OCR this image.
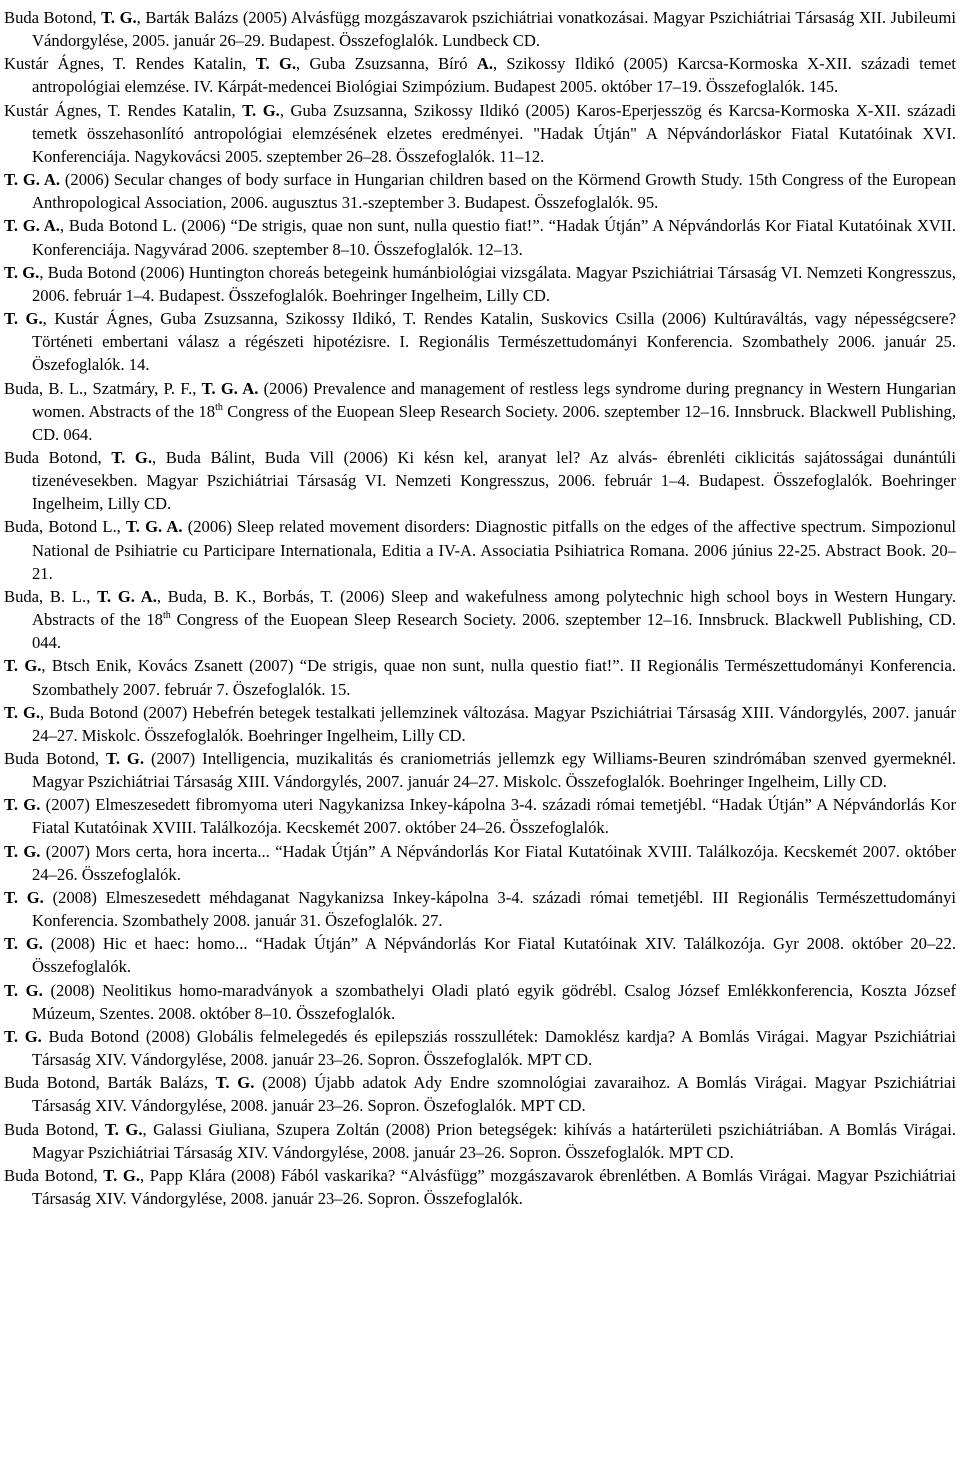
Buda Botond, T. G., Barták Balázs (2005) Alvásfügg mozgászavarok pszichiátriai vonatkozásai. Magyar Pszichiátriai Társaság XII. Jubileumi Vándorgylése, 2005. január 26–29. Budapest. Összefoglalók. Lundbeck CD.

Kustár Ágnes, T. Rendes Katalin, T. G., Guba Zsuzsanna, Bíró A., Szikossy Ildikó (2005) Karcsa-Kormoska X-XII. századi temet antropológiai elemzése. IV. Kárpát-medencei Biológiai Szimpózium. Budapest 2005. október 17–19. Összefoglalók. 145.

Kustár Ágnes, T. Rendes Katalin, T. G., Guba Zsuzsanna, Szikossy Ildikó (2005) Karos-Eperjesszög és Karcsa-Kormoska X-XII. századi temetk összehasonlító antropológiai elemzésének elzetes eredményei. "Hadak Útján" A Népvándorláskor Fiatal Kutatóinak XVI. Konferenciája. Nagykovácsi 2005. szeptember 26–28. Összefoglalók. 11–12.

T. G. A. (2006) Secular changes of body surface in Hungarian children based on the Körmend Growth Study. 15th Congress of the European Anthropological Association, 2006. augusztus 31.-szeptember 3. Budapest. Összefoglalók. 95.

T. G. A., Buda Botond L. (2006) “De strigis, quae non sunt, nulla questio fiat!”. “Hadak Útján” A Népvándorlás Kor Fiatal Kutatóinak XVII. Konferenciája. Nagyvárad 2006. szeptember 8–10. Összefoglalók. 12–13.

T. G., Buda Botond (2006) Huntington choreás betegeink humánbiológiai vizsgálata. Magyar Pszichiátriai Társaság VI. Nemzeti Kongresszus, 2006. február 1–4. Budapest. Összefoglalók. Boehringer Ingelheim, Lilly CD.

T. G., Kustár Ágnes, Guba Zsuzsanna, Szikossy Ildikó, T. Rendes Katalin, Suskovics Csilla (2006) Kultúraváltás, vagy népességcsere? Történeti embertani válasz a régészeti hipotézisre. I. Regionális Természettudományi Konferencia. Szombathely 2006. január 25. Öszefoglalók. 14.

Buda, B. L., Szatmáry, P. F., T. G. A. (2006) Prevalence and management of restless legs syndrome during pregnancy in Western Hungarian women. Abstracts of the 18th Congress of the Euopean Sleep Research Society. 2006. szeptember 12–16. Innsbruck. Blackwell Publishing, CD. 064.

Buda Botond, T. G., Buda Bálint, Buda Vill (2006) Ki késn kel, aranyat lel? Az alvás- ébrenléti ciklicitás sajátosságai dunántúli tizenévesekben. Magyar Pszichiátriai Társaság VI. Nemzeti Kongresszus, 2006. február 1–4. Budapest. Összefoglalók. Boehringer Ingelheim, Lilly CD.

Buda, Botond L., T. G. A. (2006) Sleep related movement disorders: Diagnostic pitfalls on the edges of the affective spectrum. Simpozionul National de Psihiatrie cu Participare Internationala, Editia a IV-A. Associatia Psihiatrica Romana. 2006 június 22-25. Abstract Book. 20–21.

Buda, B. L., T. G. A., Buda, B. K., Borbás, T. (2006) Sleep and wakefulness among polytechnic high school boys in Western Hungary. Abstracts of the 18th Congress of the Euopean Sleep Research Society. 2006. szeptember 12–16. Innsbruck. Blackwell Publishing, CD. 044.

T. G., Btsch Enik, Kovács Zsanett (2007) “De strigis, quae non sunt, nulla questio fiat!”. II Regionális Természettudományi Konferencia. Szombathely 2007. február 7. Öszefoglalók. 15.

T. G., Buda Botond (2007) Hebefrén betegek testalkati jellemzinek változása. Magyar Pszichiátriai Társaság XIII. Vándorgylés, 2007. január 24–27. Miskolc. Összefoglalók. Boehringer Ingelheim, Lilly CD.

Buda Botond, T. G. (2007) Intelligencia, muzikalitás és craniometriás jellemzk egy Williams-Beuren szindrómában szenved gyermeknél. Magyar Pszichiátriai Társaság XIII. Vándorgylés, 2007. január 24–27. Miskolc. Összefoglalók. Boehringer Ingelheim, Lilly CD.

T. G. (2007) Elmeszesedett fibromyoma uteri Nagykanizsa Inkey-kápolna 3-4. századi római temetjébl. “Hadak Útján” A Népvándorlás Kor Fiatal Kutatóinak XVIII. Találkozója. Kecskemét 2007. október 24–26. Összefoglalók.

T. G. (2007) Mors certa, hora incerta... “Hadak Útján” A Népvándorlás Kor Fiatal Kutatóinak XVIII. Találkozója. Kecskemét 2007. október 24–26. Összefoglalók.

T. G. (2008) Elmeszesedett méhdaganat Nagykanizsa Inkey-kápolna 3-4. századi római temetjébl. III Regionális Természettudományi Konferencia. Szombathely 2008. január 31. Öszefoglalók. 27.

T. G. (2008) Hic et haec: homo... “Hadak Útján” A Népvándorlás Kor Fiatal Kutatóinak XIV. Találkozója. Gyr 2008. október 20–22. Összefoglalók.

T. G. (2008) Neolitikus homo-maradványok a szombathelyi Oladi plató egyik gödrébl. Csalog József Emlékkonferencia, Koszta József Múzeum, Szentes. 2008. október 8–10. Összefoglalók.

T. G. Buda Botond (2008) Globális felmelegedés és epilepsziás rosszullétek: Damoklész kardja? A Bomlás Virágai. Magyar Pszichiátriai Társaság XIV. Vándorgylése, 2008. január 23–26. Sopron. Összefoglalók. MPT CD.

Buda Botond, Barták Balázs, T. G. (2008) Újabb adatok Ady Endre szomnológiai zavaraihoz. A Bomlás Virágai. Magyar Pszichiátriai Társaság XIV. Vándorgylése, 2008. január 23–26. Sopron. Öszefoglalók. MPT CD.

Buda Botond, T. G., Galassi Giuliana, Szupera Zoltán (2008) Prion betegségek: kihívás a határterületi pszichiátriában. A Bomlás Virágai. Magyar Pszichiátriai Társaság XIV. Vándorgylése, 2008. január 23–26. Sopron. Összefoglalók. MPT CD.

Buda Botond, T. G., Papp Klára (2008) Fából vaskarika? “Alvásfügg” mozgászavarok ébrenlétben. A Bomlás Virágai. Magyar Pszichiátriai Társaság XIV. Vándorgylése, 2008. január 23–26. Sopron. Összefoglalók.
